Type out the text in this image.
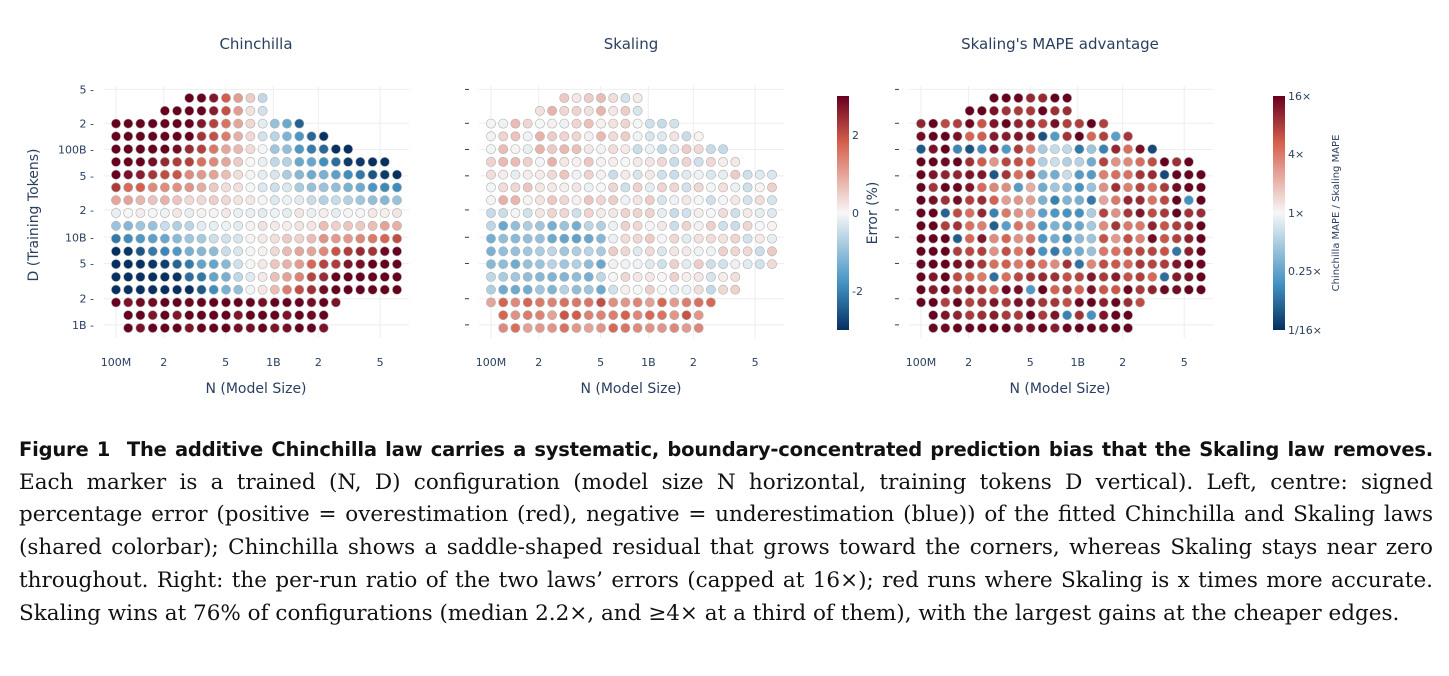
Chinchilla	Skaling	Skaling's MAPE advantage
100M	2	5	1B	2	5
5 -
2 -
100B -
5 -
2 -
10B -
5 -
2 -
1B -
100M	2	5	1B	2	5	100M	2	5	1B	2	5
D (Training Tokens)
N (Model Size)	N (Model Size)	N (Model Size)
2
0
-2
Error (%)
16×
4×
1×
0.25×
1/16×
Chinchilla MAPE / Skaling MAPE

Figure 1 The additive Chinchilla law carries a systematic, boundary-concentrated prediction bias that the Skaling law removes. Each marker is a trained (N, D) configuration (model size N horizontal, training tokens D vertical). Left, centre: signed percentage error (positive = overestimation (red), negative = underestimation (blue)) of the fitted Chinchilla and Skaling laws (shared colorbar); Chinchilla shows a saddle-shaped residual that grows toward the corners, whereas Skaling stays near zero throughout. Right: the per-run ratio of the two laws’ errors (capped at 16×); red runs where Skaling is x times more accurate. Skaling wins at 76% of configurations (median 2.2×, and ≥4× at a third of them), with the largest gains at the cheaper edges.
